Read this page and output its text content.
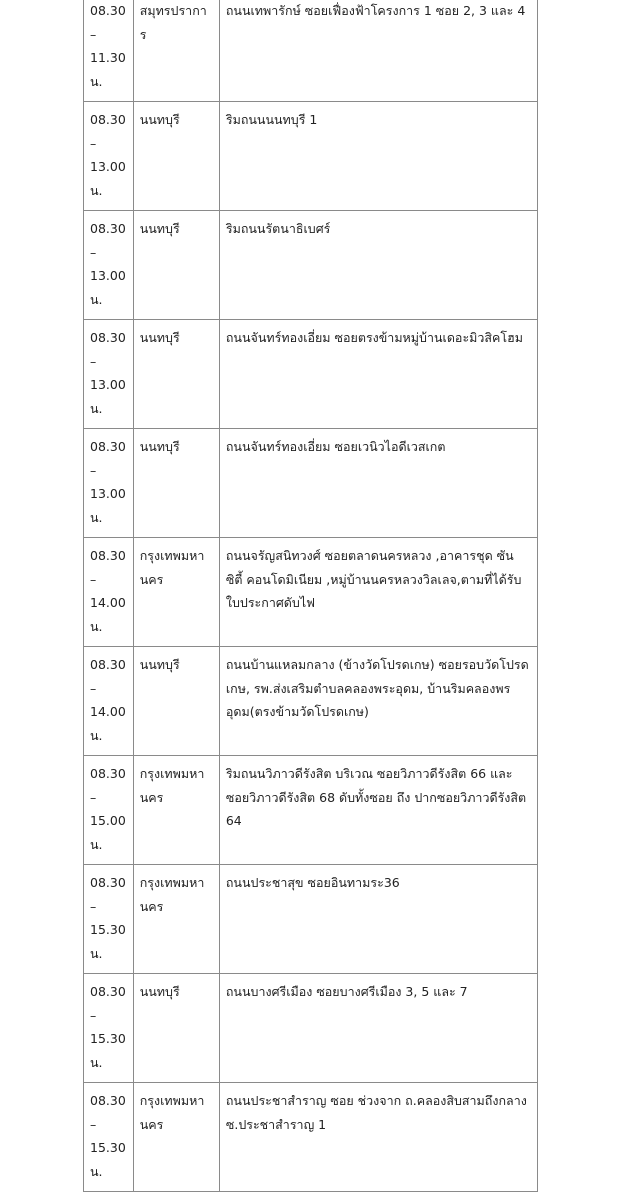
08.30 –
11.30 น.	สมุทรปราการ	ถนนเทพารักษ์ ซอยเฟื่องฟ้าโครงการ 1 ซอย 2, 3 และ 4

08.30 –
13.00 น.	นนทบุรี	ริมถนนนนทบุรี 1

08.30 –
13.00 น.	นนทบุรี	ริมถนนรัตนาธิเบศร์

08.30 –
13.00 น.	นนทบุรี	ถนนจันทร์ทองเอี่ยม ซอยตรงข้ามหมู่บ้านเดอะมิวสิคโฮม

08.30 –
13.00 น.	นนทบุรี	ถนนจันทร์ทองเอี่ยม ซอยเวนิวไอดีเวสเกต

08.30 –
14.00 น.	กรุงเทพมหานคร	ถนนจรัญสนิทวงศ์ ซอยตลาดนครหลวง ,อาคารชุด ซัน ซิตี้ คอนโดมิเนียม ,หมู่บ้านนครหลวงวิลเลจ,ตามที่ได้รับใบประกาศดับไฟ

08.30 –
14.00 น.	นนทบุรี	ถนนบ้านแหลมกลาง (ข้างวัดโปรดเกษ) ซอยรอบวัดโปรดเกษ, รพ.ส่งเสริมตำบลคลองพระอุดม, บ้านริมคลองพรอุดม(ตรงข้ามวัดโปรดเกษ)

08.30 –
15.00 น.	กรุงเทพมหานคร	ริมถนนวิภาวดีรังสิต บริเวณ ซอยวิภาวดีรังสิต 66 และ ซอยวิภาวดีรังสิต 68 ดับทั้งซอย ถึง ปากซอยวิภาวดีรังสิต 64

08.30 –
15.30 น.	กรุงเทพมหานคร	ถนนประชาสุข ซอยอินทามระ36

08.30 –
15.30 น.	นนทบุรี	ถนนบางศรีเมือง ซอยบางศรีเมือง 3, 5 และ 7

08.30 –
15.30 น.	กรุงเทพมหานคร	ถนนประชาสำราญ ซอย ช่วงจาก ถ.คลองสิบสามถึงกลาง ซ.ประชาสำราญ 1
